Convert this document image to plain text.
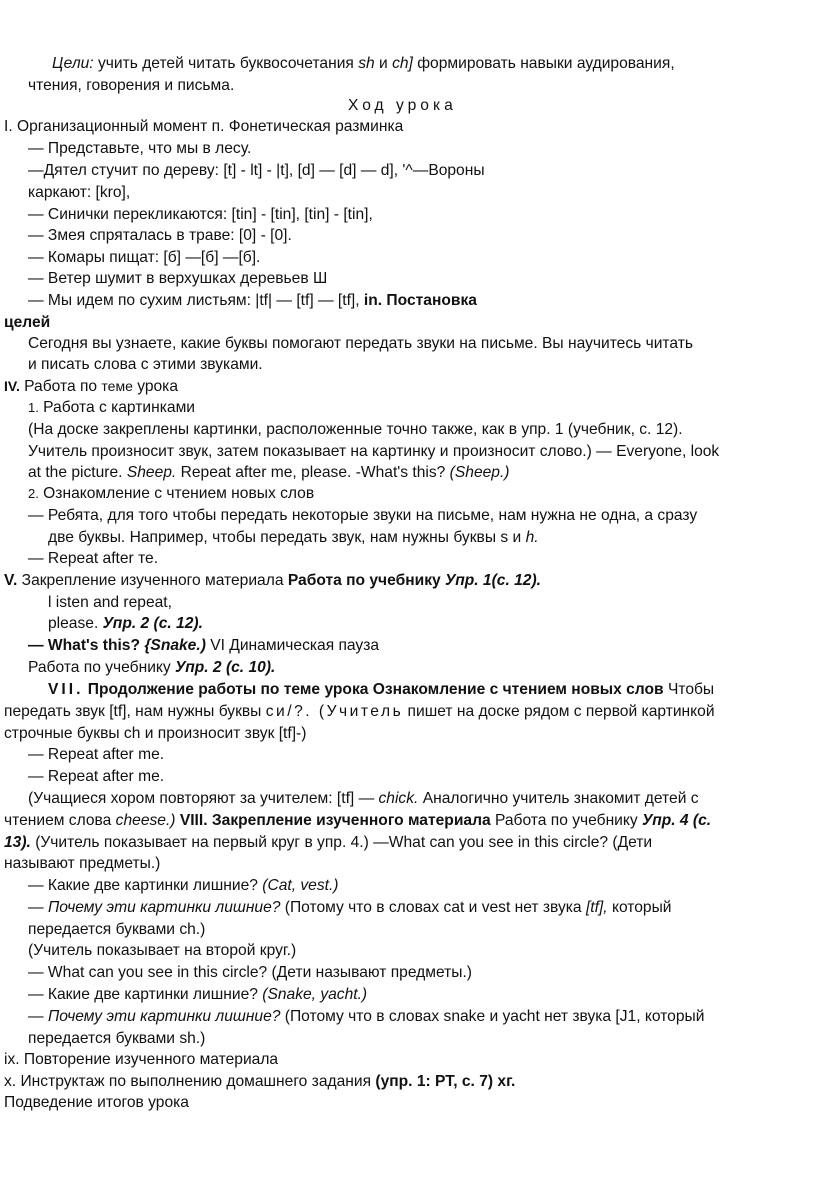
Цели: учить детей читать буквосочетания sh и ch] формировать навыки аудирования,
чтения, говорения и письма.
Ход урока
I. Организационный момент п. Фонетическая разминка
— Представьте, что мы в лесу.
—Дятел стучит по дереву: [t] - lt] - |t], [d] — [d] — d], '^—Вороны
каркают: [kro],
— Синички перекликаются: [tin] - [tin], [tin] - [tin],
— Змея спряталась в траве: [0] - [0].
— Комары пищат: [б] —[б] —[б].
— Ветер шумит в верхушках деревьев Ш
— Мы идем по сухим листьям: |tf| — [tf] — [tf], in. Постановка
целей
Сегодня вы узнаете, какие буквы помогают передать звуки на письме. Вы научитесь читать
и писать слова с этими звуками.
IV. Работа по теме урока
1. Работа с картинками
(На доске закреплены картинки, расположенные точно также, как в упр. 1 (учебник, с. 12).
Учитель произносит звук, затем показывает на картинку и произносит слово.) — Everyone, look
at the picture. Sheep. Repeat after me, please. -What's this? (Sheep.)
2. Ознакомление с чтением новых слов
— Ребята, для того чтобы передать некоторые звуки на письме, нам нужна не одна, а сразу
две буквы. Например, чтобы передать звук, нам нужны буквы s и h.
— Repeat after те.
V. Закрепление изученного материала Работа по учебнику Упр. 1(с. 12).
l isten and repeat,
please. Упр. 2 (с. 12).
— What's this? {Snake.) VI Динамическая пауза
Работа по учебнику Упр. 2 (с. 10).
VII. Продолжение работы по теме урока Ознакомление с чтением новых слов Чтобы
передать звук [tf], нам нужны буквы си/?. (Учитель пишет на доске рядом с первой картинкой
строчные буквы ch и произносит звук [tf]-)
— Repeat after me.
— Repeat after me.
(Учащиеся хором повторяют за учителем: [tf] — chick. Аналогично учитель знакомит детей с
чтением слова cheese.) VIII. Закрепление изученного материала Работа по учебнику Упр. 4 (с.
13). (Учитель показывает на первый круг в упр. 4.) —What can you see in this circle? (Дети
называют предметы.)
— Какие две картинки лишние? (Cat, vest.)
— Почему эти картинки лишние? (Потому что в словах cat и vest нет звука [tf], который
передается буквами ch.)
(Учитель показывает на второй круг.)
— What can you see in this circle? (Дети называют предметы.)
— Какие две картинки лишние? (Snake, yacht.)
— Почему эти картинки лишние? (Потому что в словах snake и yacht нет звука [J1, который
передается буквами sh.)
ix. Повторение изученного материала
x. Инструктаж по выполнению домашнего задания (упр. 1: РТ, с. 7) хг.
Подведение итогов урока
